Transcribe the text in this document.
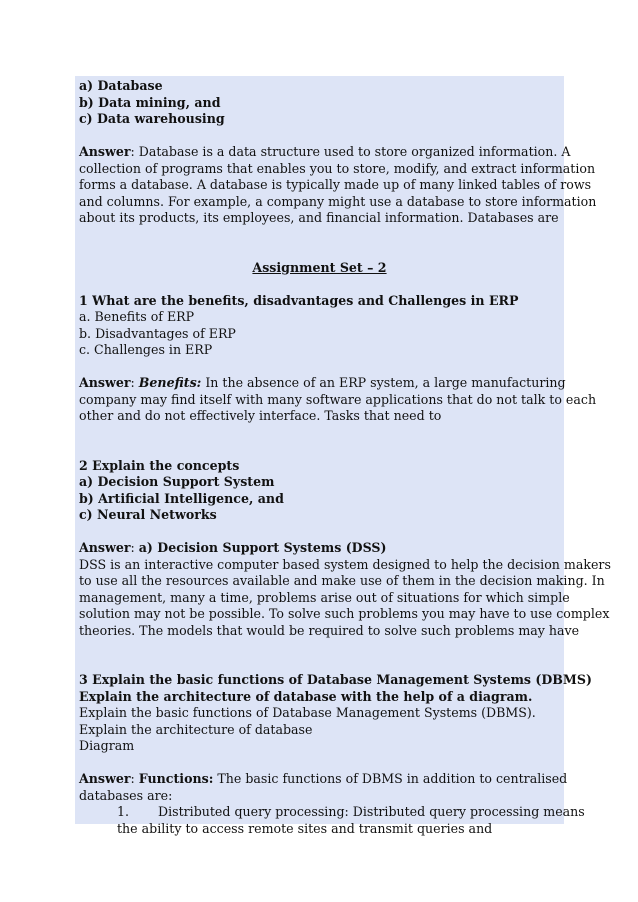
a) Database
b) Data mining, and
c) Data warehousing
Answer: Database is a data structure used to store organized information. A
collection of programs that enables you to store, modify, and extract information
forms a database. A database is typically made up of many linked tables of rows
and columns. For example, a company might use a database to store information
about its products, its employees, and financial information. Databases are
Assignment Set – 2
1 What are the benefits, disadvantages and Challenges in ERP
a. Benefits of ERP
b. Disadvantages of ERP
c. Challenges in ERP
Answer: Benefits: In the absence of an ERP system, a large manufacturing
company may find itself with many software applications that do not talk to each
other and do not effectively interface. Tasks that need to
2 Explain the concepts
a) Decision Support System
b) Artificial Intelligence, and
c) Neural Networks
Answer: a) Decision Support Systems (DSS)
DSS is an interactive computer based system designed to help the decision makers
to use all the resources available and make use of them in the decision making. In
management, many a time, problems arise out of situations for which simple
solution may not be possible. To solve such problems you may have to use complex
theories. The models that would be required to solve such problems may have
3 Explain the basic functions of Database Management Systems (DBMS)
Explain the architecture of database with the help of a diagram.
Explain the basic functions of Database Management Systems (DBMS).
Explain the architecture of database
Diagram
Answer: Functions: The basic functions of DBMS in addition to centralised
databases are:
1. Distributed query processing: Distributed query processing means
the ability to access remote sites and transmit queries and
